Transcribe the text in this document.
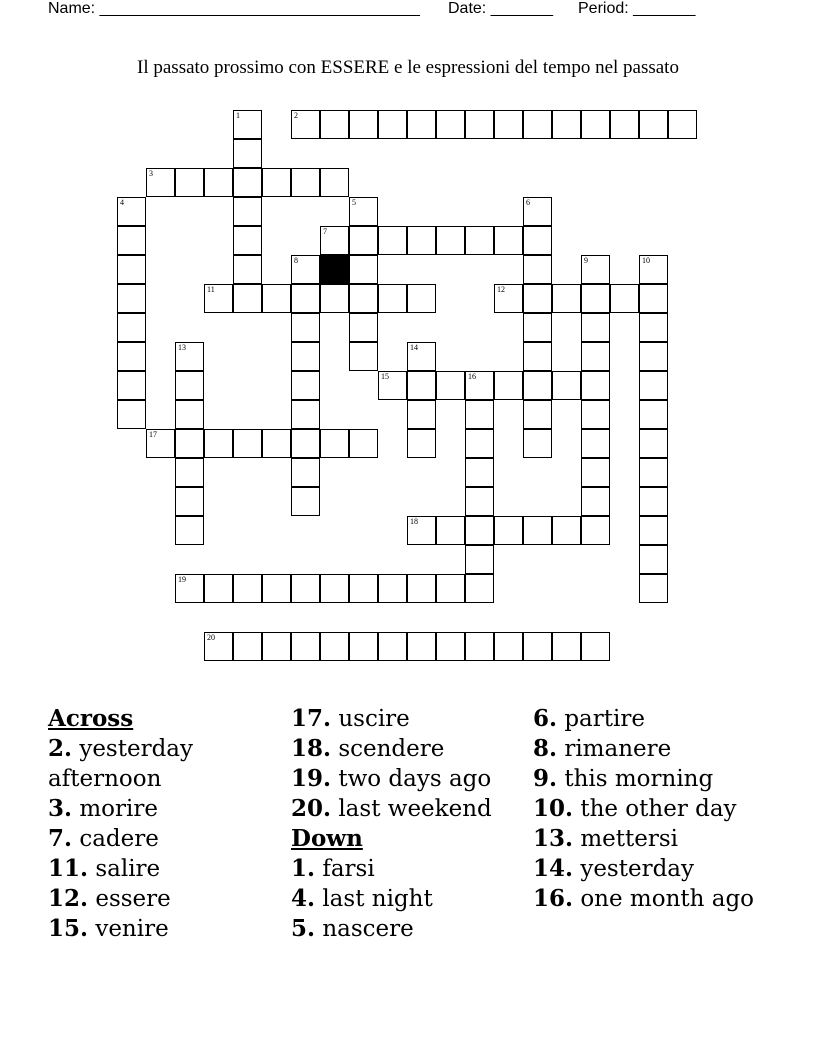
Name: ____________________________________ Date: _______ Period: _______
Il passato prossimo con ESSERE e le espressioni del tempo nel passato
1	2
3
4	5	6
7
8	9	10
11	12
13	14
15	16
17
18
19
20
Across
2. yesterday afternoon
3. morire
7. cadere
11. salire
12. essere
15. venire
17. uscire
18. scendere
19. two days ago
20. last weekend
Down
1. farsi
4. last night
5. nascere
6. partire
8. rimanere
9. this morning
10. the other day
13. mettersi
14. yesterday
16. one month ago
